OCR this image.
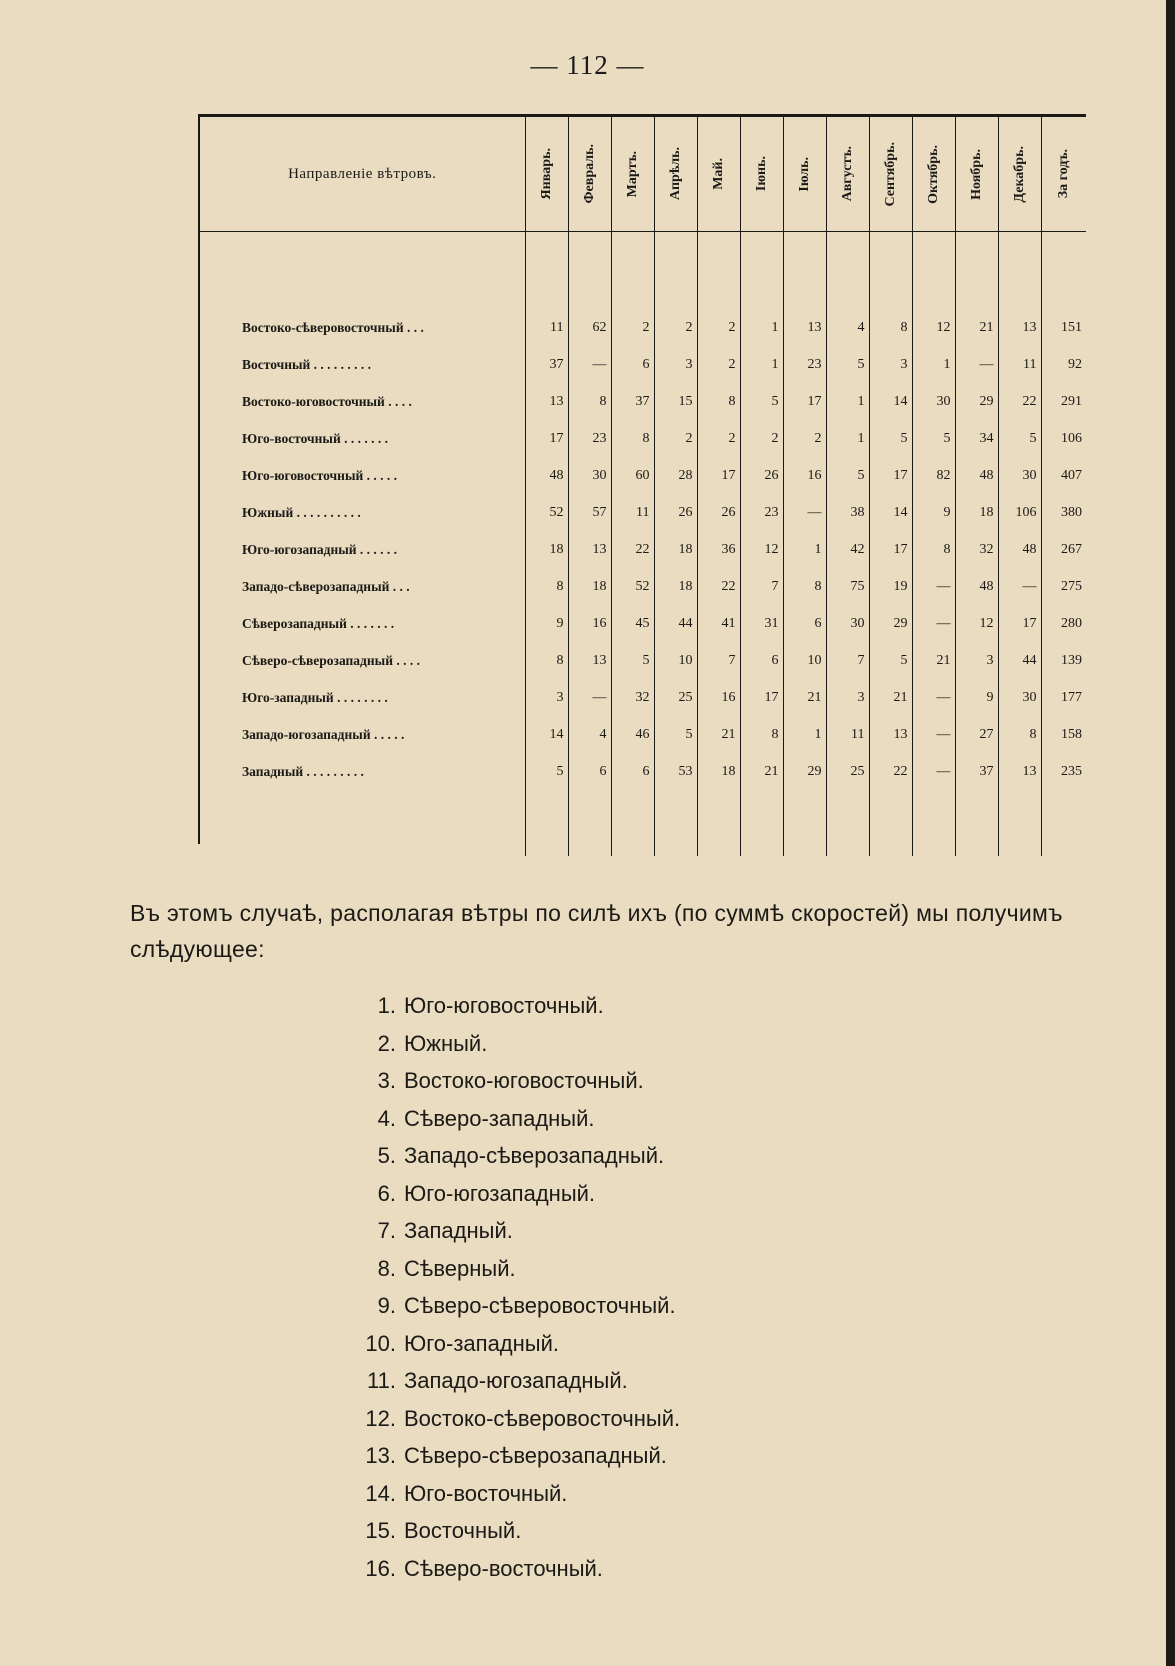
— 112 —
Направленіе вѣтровъ.	Январь.	Февраль.	Мартъ.	Апрѣль.	Май.	Іюнь.	Іюль.	Августъ.	Сентябрь.	Октябрь.	Ноябрь.	Декабрь.	За годъ.

Востоко-сѣверовосточный . . .	11	62	2	2	2	1	13	4	8	12	21	13	151
Восточный . . . . . . . . .	37	—	6	3	2	1	23	5	3	1	—	11	92
Востоко-юговосточный . . . .	13	8	37	15	8	5	17	1	14	30	29	22	291
Юго-восточный . . . . . . .	17	23	8	2	2	2	2	1	5	5	34	5	106
Юго-юговосточный . . . . .	48	30	60	28	17	26	16	5	17	82	48	30	407
Южный . . . . . . . . . .	52	57	11	26	26	23	—	38	14	9	18	106	380
Юго-югозападный . . . . . .	18	13	22	18	36	12	1	42	17	8	32	48	267
Западо-сѣверозападный . . .	8	18	52	18	22	7	8	75	19	—	48	—	275
Сѣверозападный . . . . . . .	9	16	45	44	41	31	6	30	29	—	12	17	280
Сѣверо-сѣверозападный . . . .	8	13	5	10	7	6	10	7	5	21	3	44	139
Юго-западный . . . . . . . .	3	—	32	25	16	17	21	3	21	—	9	30	177
Западо-югозападный . . . . .	14	4	46	5	21	8	1	11	13	—	27	8	158
Западный . . . . . . . . .	5	6	6	53	18	21	29	25	22	—	37	13	235

Въ этомъ случаѣ, располагая вѣтры по силѣ ихъ (по суммѣ скоростей) мы получимъ слѣдующее:
1. Юго-юговосточный.
2. Южный.
3. Востоко-юговосточный.
4. Сѣверо-западный.
5. Западо-сѣверозападный.
6. Юго-югозападный.
7. Западный.
8. Сѣверный.
9. Сѣверо-сѣверовосточный.
10. Юго-западный.
11. Западо-югозападный.
12. Востоко-сѣверовосточный.
13. Сѣверо-сѣверозападный.
14. Юго-восточный.
15. Восточный.
16. Сѣверо-восточный.
